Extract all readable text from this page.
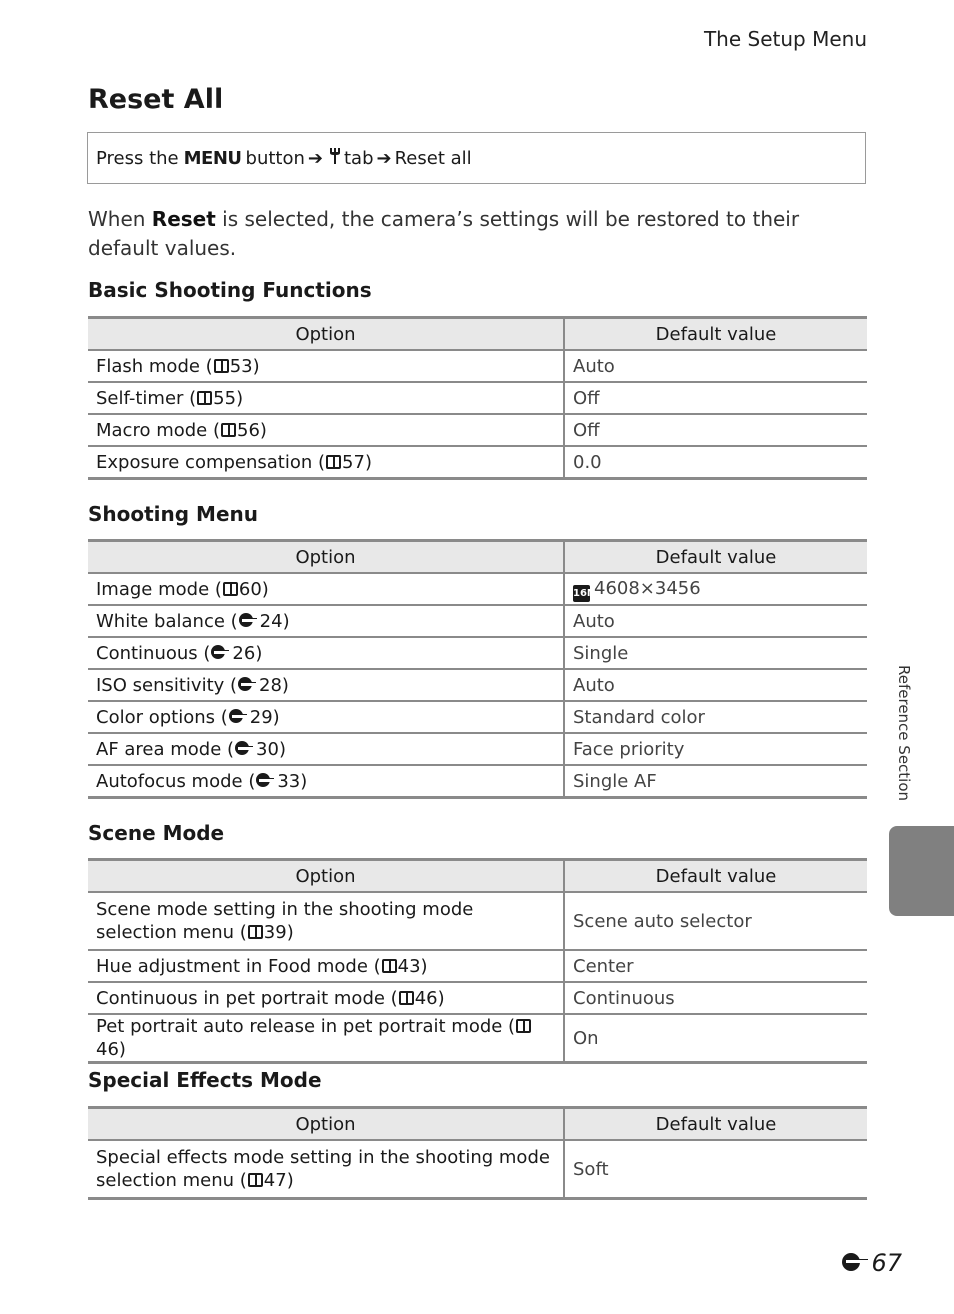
The Setup Menu
Reset All
Press the MENU button ➔ tab ➔ Reset all

When Reset is selected, the camera’s settings will be restored to their default values.

Basic Shooting Functions
Option	Default value
Flash mode ( 53)	Auto
Self-timer ( 55)	Off
Macro mode ( 56)	Off
Exposure compensation ( 57)	0.0
Shooting Menu
Option	Default value
Image mode ( 60)	16M4608×3456
White balance ( 24)	Auto
Continuous ( 26)	Single
ISO sensitivity ( 28)	Auto
Color options ( 29)	Standard color
AF area mode ( 30)	Face priority
Autofocus mode ( 33)	Single AF
Scene Mode
Option	Default value
Scene mode setting in the shooting mode selection menu ( 39)	Scene auto selector
Hue adjustment in Food mode ( 43)	Center
Continuous in pet portrait mode ( 46)	Continuous
Pet portrait auto release in pet portrait mode (46)	On
Special Effects Mode
Option	Default value
Special effects mode setting in the shooting mode selection menu ( 47)	Soft
Reference Section
67
